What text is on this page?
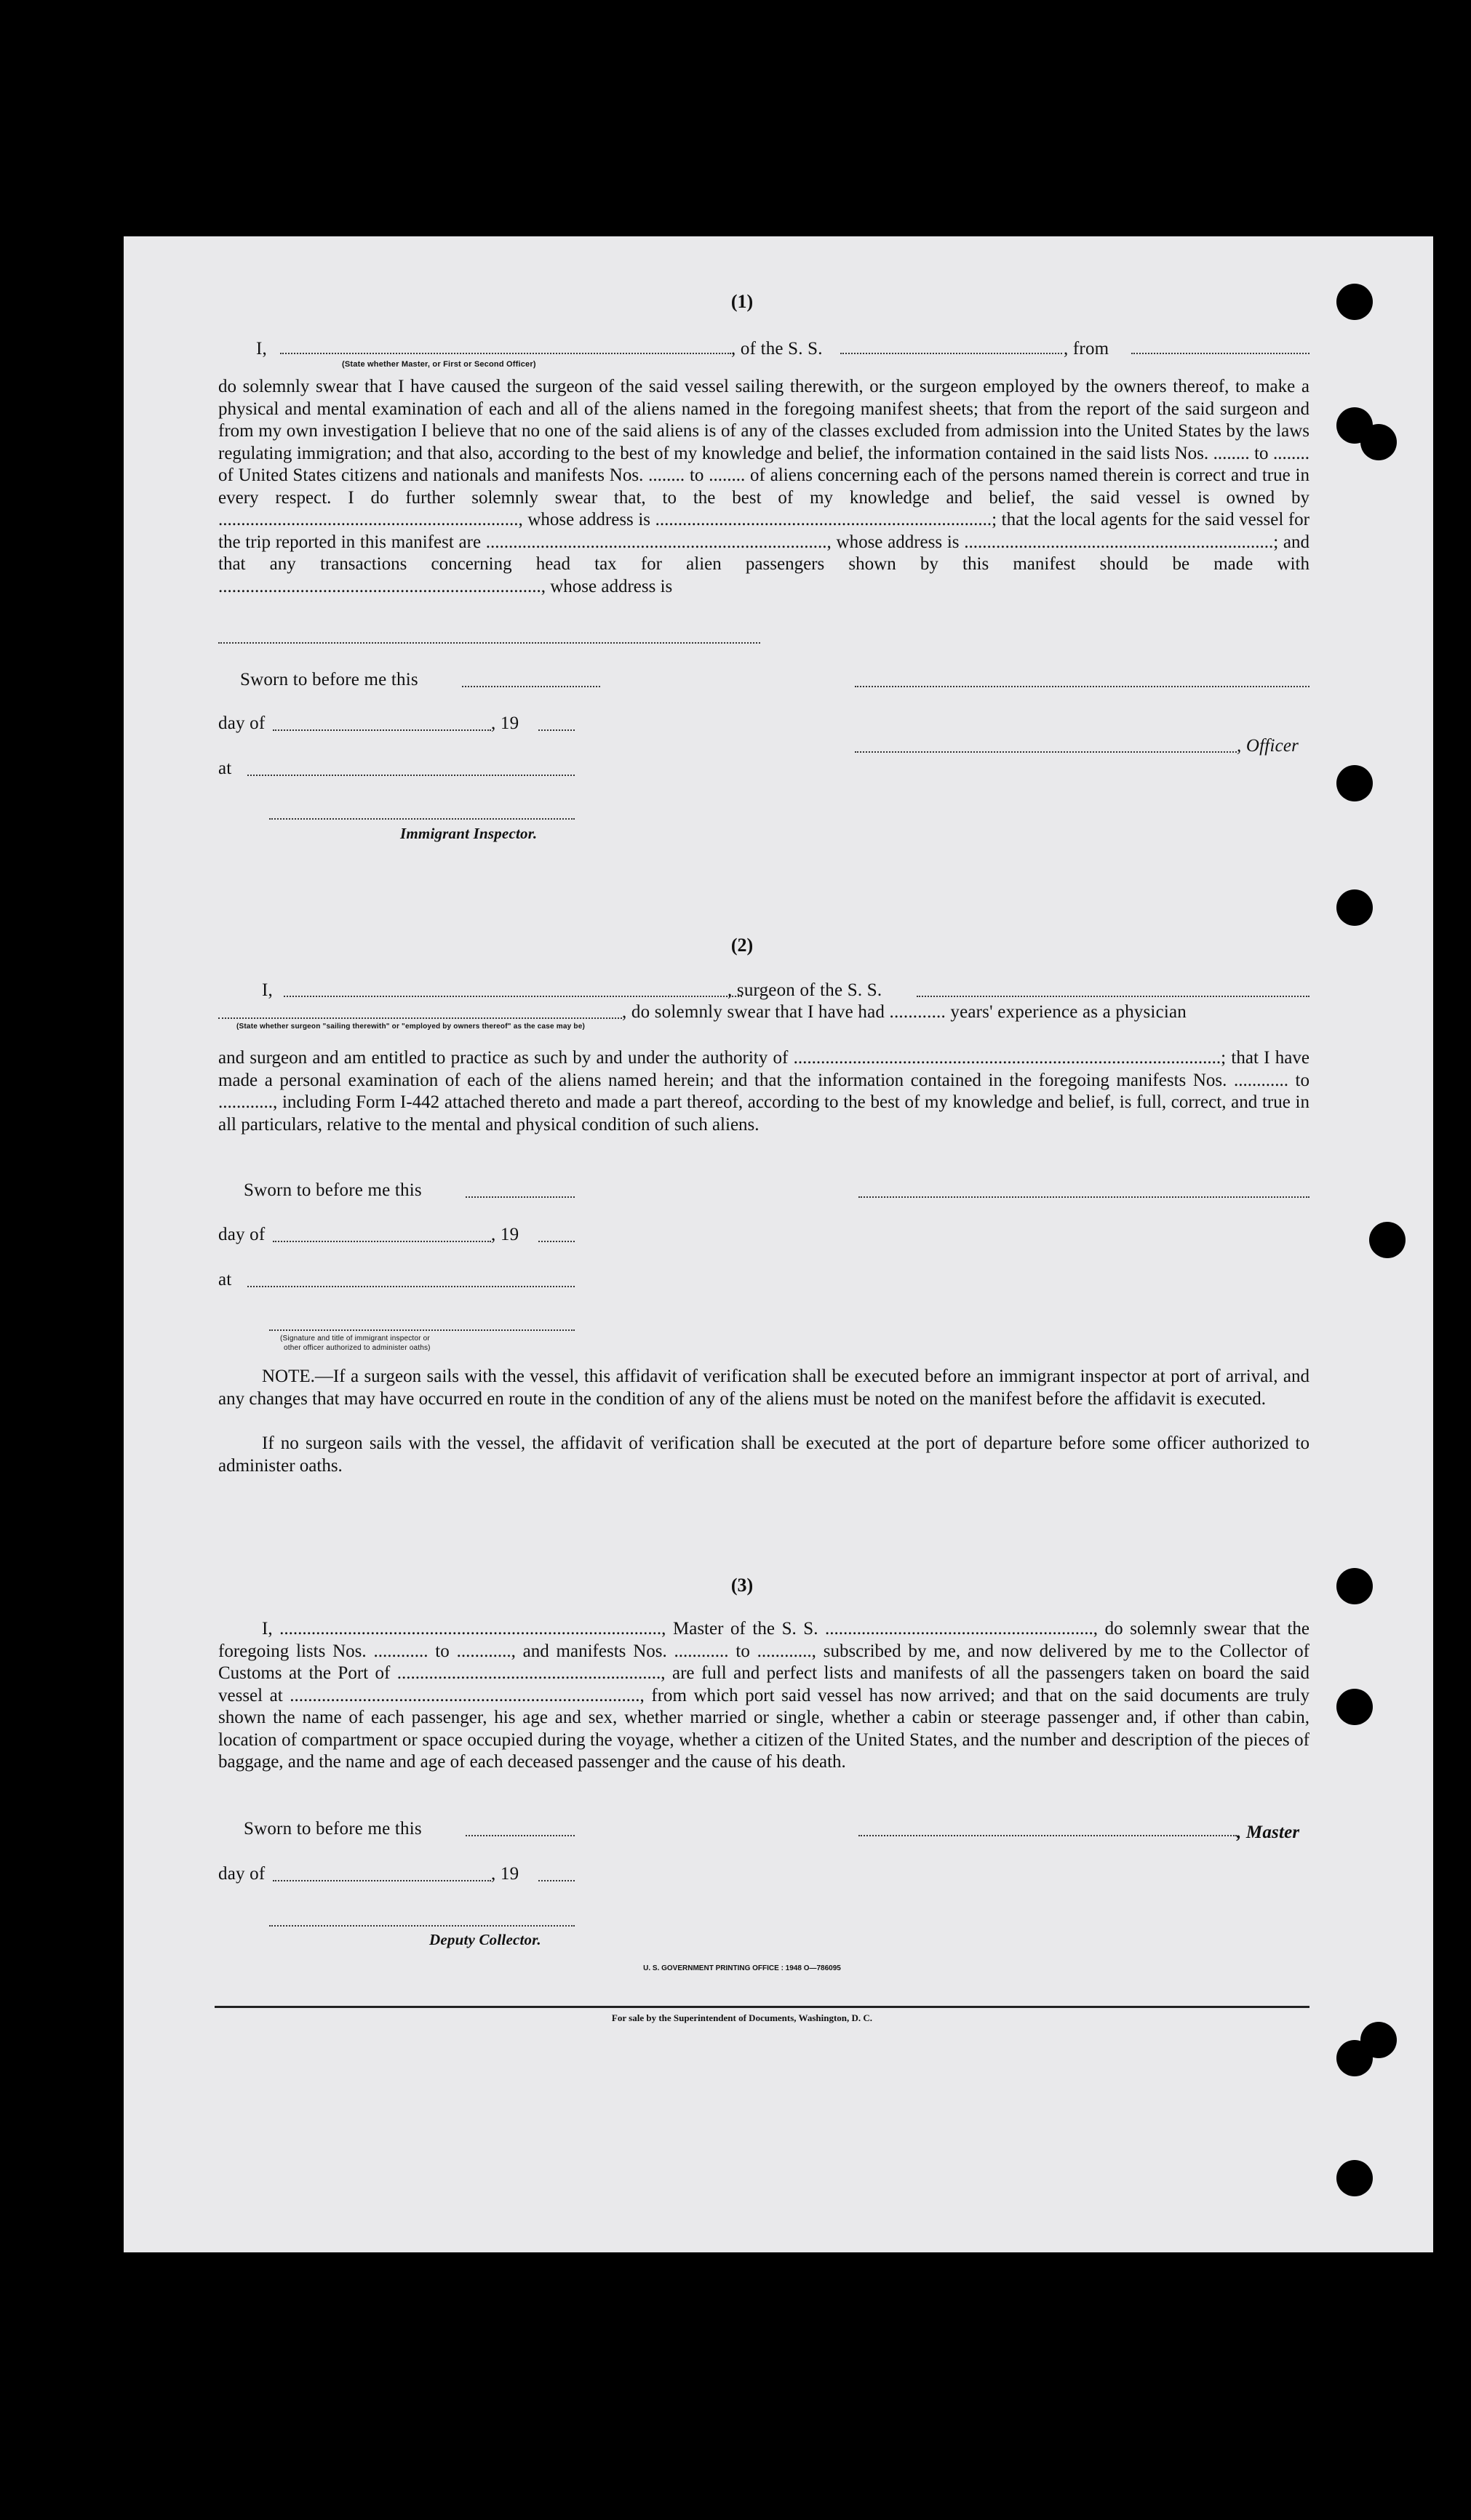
(1)
I,	, of the S. S.	, from
(State whether Master, or First or Second Officer)
do solemnly swear that I have caused the surgeon of the said vessel sailing therewith, or the surgeon employed by the owners thereof, to make a physical and mental examination of each and all of the aliens named in the foregoing manifest sheets; that from the report of the said surgeon and from my own investigation I believe that no one of the said aliens is of any of the classes excluded from admission into the United States by the laws regulating immigration; and that also, according to the best of my knowledge and belief, the information contained in the said lists Nos. ........ to ........ of United States citizens and nationals and manifests Nos. ........ to ........ of aliens concerning each of the persons named therein is correct and true in every respect. I do further solemnly swear that, to the best of my knowledge and belief, the said vessel is owned by .................................................................., whose address is ..........................................................................; that the local agents for the said vessel for the trip reported in this manifest are ..........................................................................., whose address is ....................................................................; and that any transactions concerning head tax for alien passengers shown by this manifest should be made with ......................................................................., whose address is
Sworn to before me this
day of	, 19
, Officer
at
Immigrant Inspector.
(2)
I,	, surgeon of the S. S.
, do solemnly swear that I have had ............ years' experience as a physician
(State whether surgeon "sailing therewith" or "employed by owners thereof" as the case may be)
and surgeon and am entitled to practice as such by and under the authority of ..............................................................................................; that I have made a personal examination of each of the aliens named herein; and that the information contained in the foregoing manifests Nos. ............ to ............, including Form I-442 attached thereto and made a part thereof, according to the best of my knowledge and belief, is full, correct, and true in all particulars, relative to the mental and physical condition of such aliens.
Sworn to before me this
day of	, 19
at
(Signature and title of immigrant inspector or
other officer authorized to administer oaths)
NOTE.—If a surgeon sails with the vessel, this affidavit of verification shall be executed before an immigrant inspector at port of arrival, and any changes that may have occurred en route in the condition of any of the aliens must be noted on the manifest before the affidavit is executed.
If no surgeon sails with the vessel, the affidavit of verification shall be executed at the port of departure before some officer authorized to administer oaths.
(3)
I, ...................................................................................., Master of the S. S. ..........................................................., do solemnly swear that the foregoing lists Nos. ............ to ............, and manifests Nos. ............ to ............, subscribed by me, and now delivered by me to the Collector of Customs at the Port of .........................................................., are full and perfect lists and manifests of all the passengers taken on board the said vessel at ............................................................................., from which port said vessel has now arrived; and that on the said documents are truly shown the name of each passenger, his age and sex, whether married or single, whether a cabin or steerage passenger and, if other than cabin, location of compartment or space occupied during the voyage, whether a citizen of the United States, and the number and description of the pieces of baggage, and the name and age of each deceased passenger and the cause of his death.
Sworn to before me this	, Master
day of	, 19
Deputy Collector.
U. S. GOVERNMENT PRINTING OFFICE : 1948 O—786095
For sale by the Superintendent of Documents, Washington, D. C.
